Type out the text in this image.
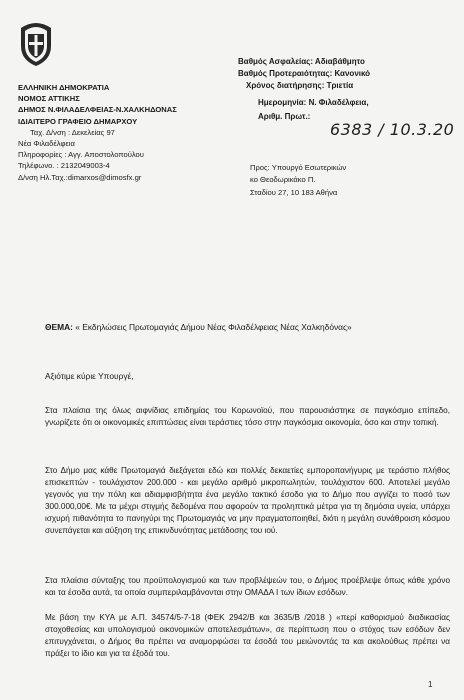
ΕΛΛΗΝΙΚΗ ΔΗΜΟΚΡΑΤΙΑ
ΝΟΜΟΣ ΑΤΤΙΚΗΣ
ΔΗΜΟΣ Ν.ΦΙΛΑΔΕΛΦΕΙΑΣ-Ν.ΧΑΛΚΗΔΟΝΑΣ
ΙΔΙΑΙΤΕΡΟ ΓΡΑΦΕΙΟ ΔΗΜΑΡΧΟΥ
Ταχ. Δ/νση : Δεκελείας 97
Νέα Φιλαδέλφεια
Πληροφορίες : Αγγ. Αποστολοπούλου
Τηλέφωνο. : 2132049003-4
Δ/νση Ηλ.Ταχ.:dimarxos@dimosfx.gr
Βαθμός Ασφαλείας: Αδιαβάθμητο
Βαθμός Προτεραιότητας: Κανονικό
Χρόνος διατήρησης: Τριετία
Ημερομηνία: Ν. Φιλαδέλφεια,
Αριθμ. Πρωτ.:
6383 / 10.3.20
Προς: Υπουργό Εσωτερικών
κο Θεοδωρικάκο Π.
Σταδίου 27, 10 183 Αθήνα
ΘΕΜΑ: « Εκδηλώσεις Πρωτομαγιάς Δήμου Νέας Φιλαδέλφειας Νέας Χαλκηδόνας»
Αξιότιμε κύριε Υπουργέ,

Στα πλαίσια της όλως αιφνίδιας επιδημίας του Κορωνοϊού, που παρουσιάστηκε σε παγκόσμιο επίπεδο, γνωρίζετε ότι οι οικονομικές επιπτώσεις είναι τεράστιες τόσο στην παγκόσμια οικονομία, όσο και στην τοπική.

Στο Δήμο μας κάθε Πρωτομαγιά διεξάγεται εδώ και πολλές δεκαετίες εμποροπανήγυρις με τεράστιο πλήθος επισκεπτών - τουλάχιστον 200.000 - και μεγάλο αριθμό μικροπωλητών, τουλάχιστον 600. Αποτελεί μεγάλο γεγονός για την πόλη και αδιαμφισβήτητα ένα μεγάλο τακτικό έσοδο για το Δήμο που αγγίζει το ποσό των 300.000,00€. Με τα μέχρι στιγμής δεδομένα που αφορούν τα προληπτικά μέτρα για τη δημόσια υγεία, υπάρχει ισχυρή πιθανότητα το πανηγύρι της Πρωτομαγιάς να μην πραγματοποιηθεί, διότι η μεγάλη συνάθροιση κόσμου συνεπάγεται και αύξηση της επικινδυνότητας μετάδοσης του ιού.

Στα πλαίσια σύνταξης του προϋπολογισμού και των προβλέψεών του, ο Δήμος προέβλεψε όπως κάθε χρόνο και τα έσοδα αυτά, τα οποία συμπεριλαμβάνονται στην ΟΜΑΔΑ Ι των ίδιων εσόδων.

Με βάση την ΚΥΑ με Α.Π. 34574/5-7-18 (ΦΕΚ 2942/Β και 3635/Β /2018 ) «περί καθορισμού διαδικασίας στοχοθεσίας και υπολογισμού οικονομικών αποτελεσμάτων», σε περίπτωση που ο στόχος των εσόδων δεν επιτυγχάνεται, ο Δήμος θα πρέπει να αναμορφώσει τα έσοδά του μειώνοντάς τα και ακολούθως πρέπει να πράξει το ίδιο και για τα έξοδά του.

1
